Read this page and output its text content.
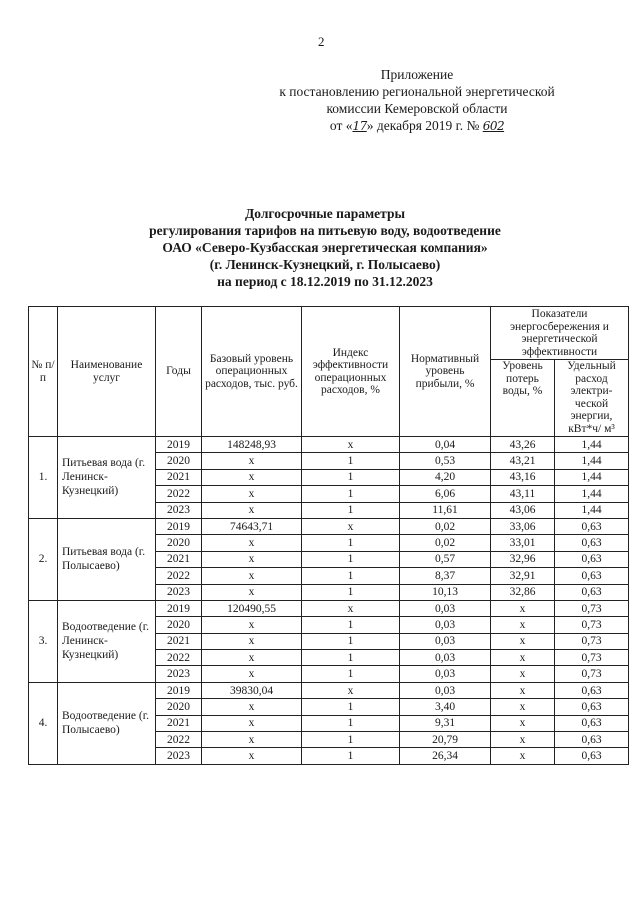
2
Приложение
к постановлению региональной энергетической
комиссии Кемеровской области
от «17» декабря 2019 г. № 602
Долгосрочные параметры
регулирования тарифов на питьевую воду, водоотведение
ОАО «Северо-Кузбасская энергетическая компания»
(г. Ленинск-Кузнецкий, г. Полысаево)
на период с 18.12.2019 по 31.12.2023
№ п/п	Наименование услуг	Годы	Базовый уровень операционных расходов, тыс. руб.	Индекс эффективности операционных расходов, %	Нормативный уровень прибыли, %	Показатели энергосбережения и энергетической эффективности	
						Уровень потерь воды, %	Удельный расход электри-ческой энергии, кВт*ч/ м³
1.	Питьевая вода (г. Ленинск-Кузнецкий)	2019	148248,93	х	0,04	43,26	1,44
		2020	х	1	0,53	43,21	1,44
		2021	х	1	4,20	43,16	1,44
		2022	х	1	6,06	43,11	1,44
		2023	х	1	11,61	43,06	1,44
2.	Питьевая вода (г. Полысаево)	2019	74643,71	х	0,02	33,06	0,63
		2020	х	1	0,02	33,01	0,63
		2021	х	1	0,57	32,96	0,63
		2022	х	1	8,37	32,91	0,63
		2023	х	1	10,13	32,86	0,63
3.	Водоотведение (г. Ленинск-Кузнецкий)	2019	120490,55	х	0,03	х	0,73
		2020	х	1	0,03	х	0,73
		2021	х	1	0,03	х	0,73
		2022	х	1	0,03	х	0,73
		2023	х	1	0,03	х	0,73
4.	Водоотведение (г. Полысаево)	2019	39830,04	х	0,03	х	0,63
		2020	х	1	3,40	х	0,63
		2021	х	1	9,31	х	0,63
		2022	х	1	20,79	х	0,63
		2023	х	1	26,34	х	0,63
